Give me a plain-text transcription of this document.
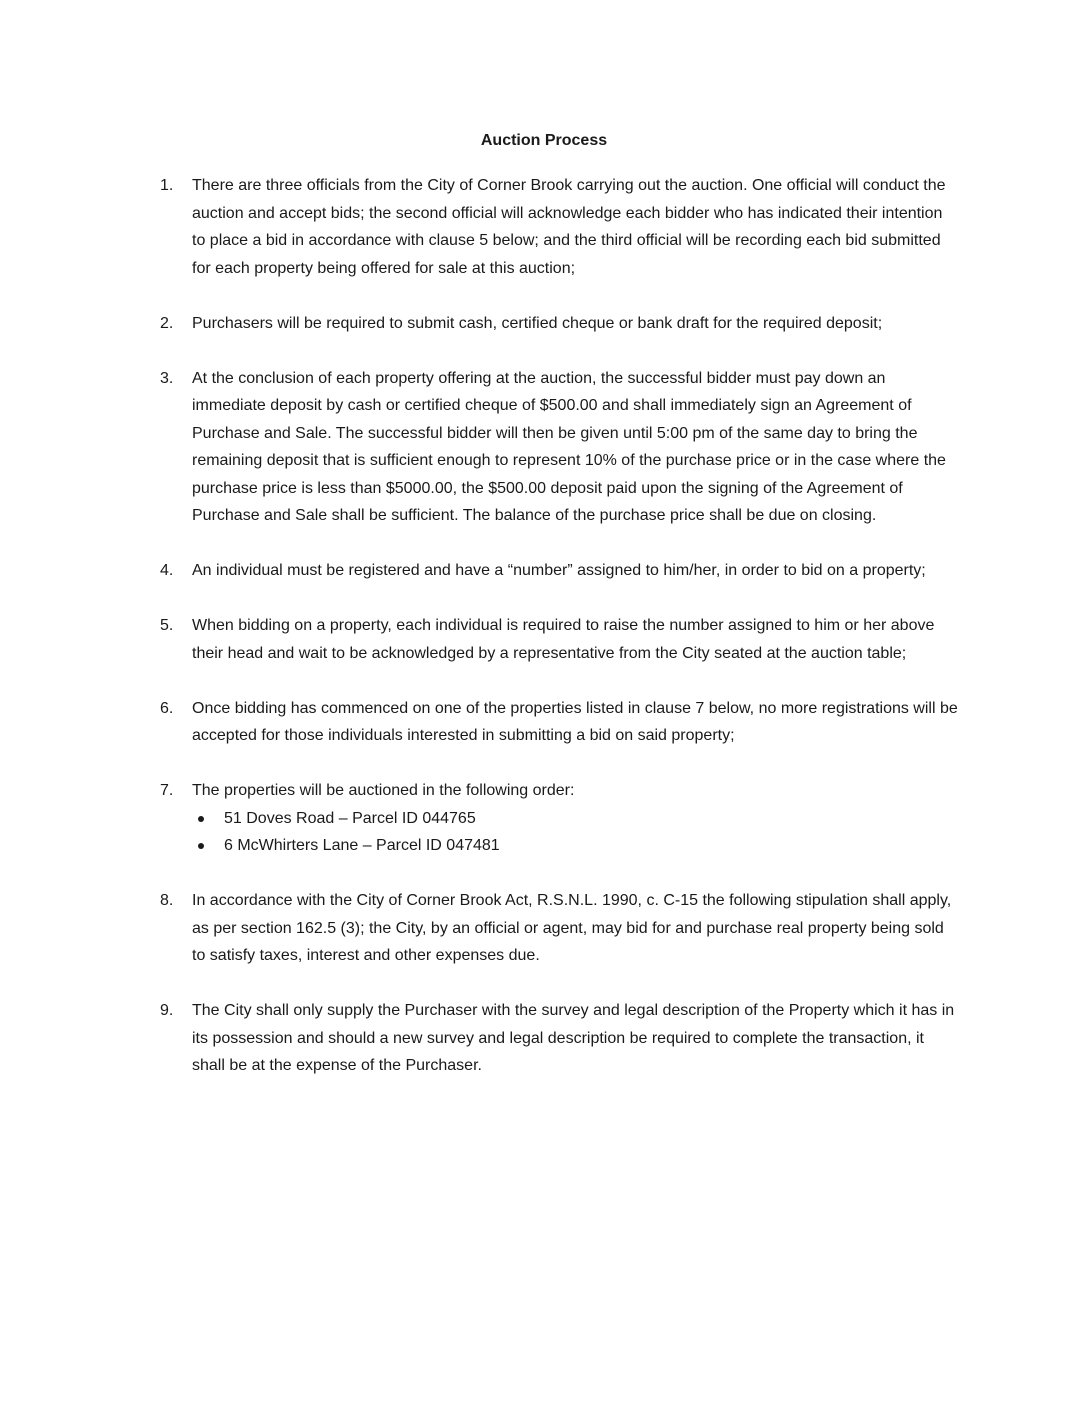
Auction Process
1.	There are three officials from the City of Corner Brook carrying out the auction. One official will conduct the auction and accept bids; the second official will acknowledge each bidder who has indicated their intention to place a bid in accordance with clause 5 below; and the third official will be recording each bid submitted for each property being offered for sale at this auction;
2.	Purchasers will be required to submit cash, certified cheque or bank draft for the required deposit;
3.	At the conclusion of each property offering at the auction, the successful bidder must pay down an immediate deposit by cash or certified cheque of $500.00 and shall immediately sign an Agreement of Purchase and Sale. The successful bidder will then be given until 5:00 pm of the same day to bring the remaining deposit that is sufficient enough to represent 10% of the purchase price or in the case where the purchase price is less than $5000.00, the $500.00 deposit paid upon the signing of the Agreement of Purchase and Sale shall be sufficient. The balance of the purchase price shall be due on closing.
4.	An individual must be registered and have a “number” assigned to him/her, in order to bid on a property;
5.	When bidding on a property, each individual is required to raise the number assigned to him or her above their head and wait to be acknowledged by a representative from the City seated at the auction table;
6.	Once bidding has commenced on one of the properties listed in clause 7 below, no more registrations will be accepted for those individuals interested in submitting a bid on said property;
7.	The properties will be auctioned in the following order:
51 Doves Road – Parcel ID 044765
6 McWhirters Lane – Parcel ID 047481
8.	In accordance with the City of Corner Brook Act, R.S.N.L. 1990, c. C-15 the following stipulation shall apply, as per section 162.5 (3); the City, by an official or agent, may bid for and purchase real property being sold to satisfy taxes, interest and other expenses due.
9.	The City shall only supply the Purchaser with the survey and legal description of the Property which it has in its possession and should a new survey and legal description be required to complete the transaction, it shall be at the expense of the Purchaser.
